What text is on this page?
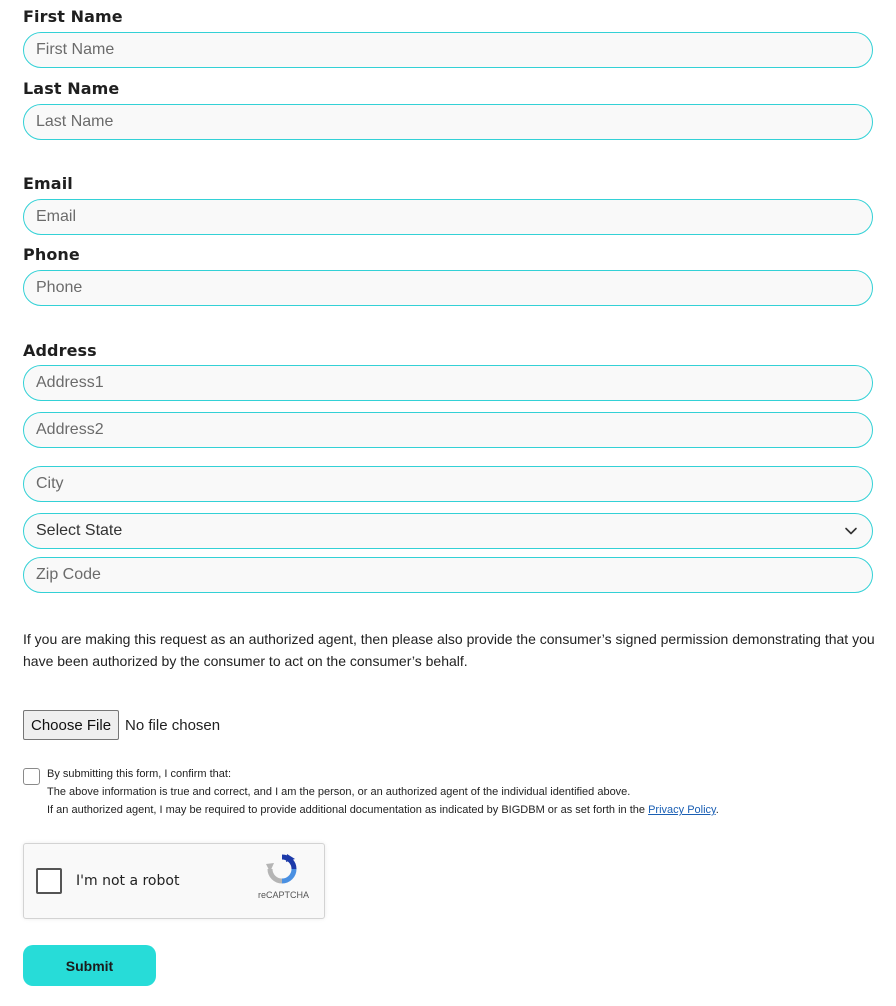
First Name
First Name
Last Name
Last Name
Email
Email
Phone
Phone
Address
Address1
Address2
City
Select State
Zip Code
If you are making this request as an authorized agent, then please also provide the consumer’s signed permission demonstrating that you have been authorized by the consumer to act on the consumer’s behalf.
Choose File No file chosen
By submitting this form, I confirm that:
The above information is true and correct, and I am the person, or an authorized agent of the individual identified above.
If an authorized agent, I may be required to provide additional documentation as indicated by BIGDBM or as set forth in the Privacy Policy.
I'm not a robot
reCAPTCHA
Submit
